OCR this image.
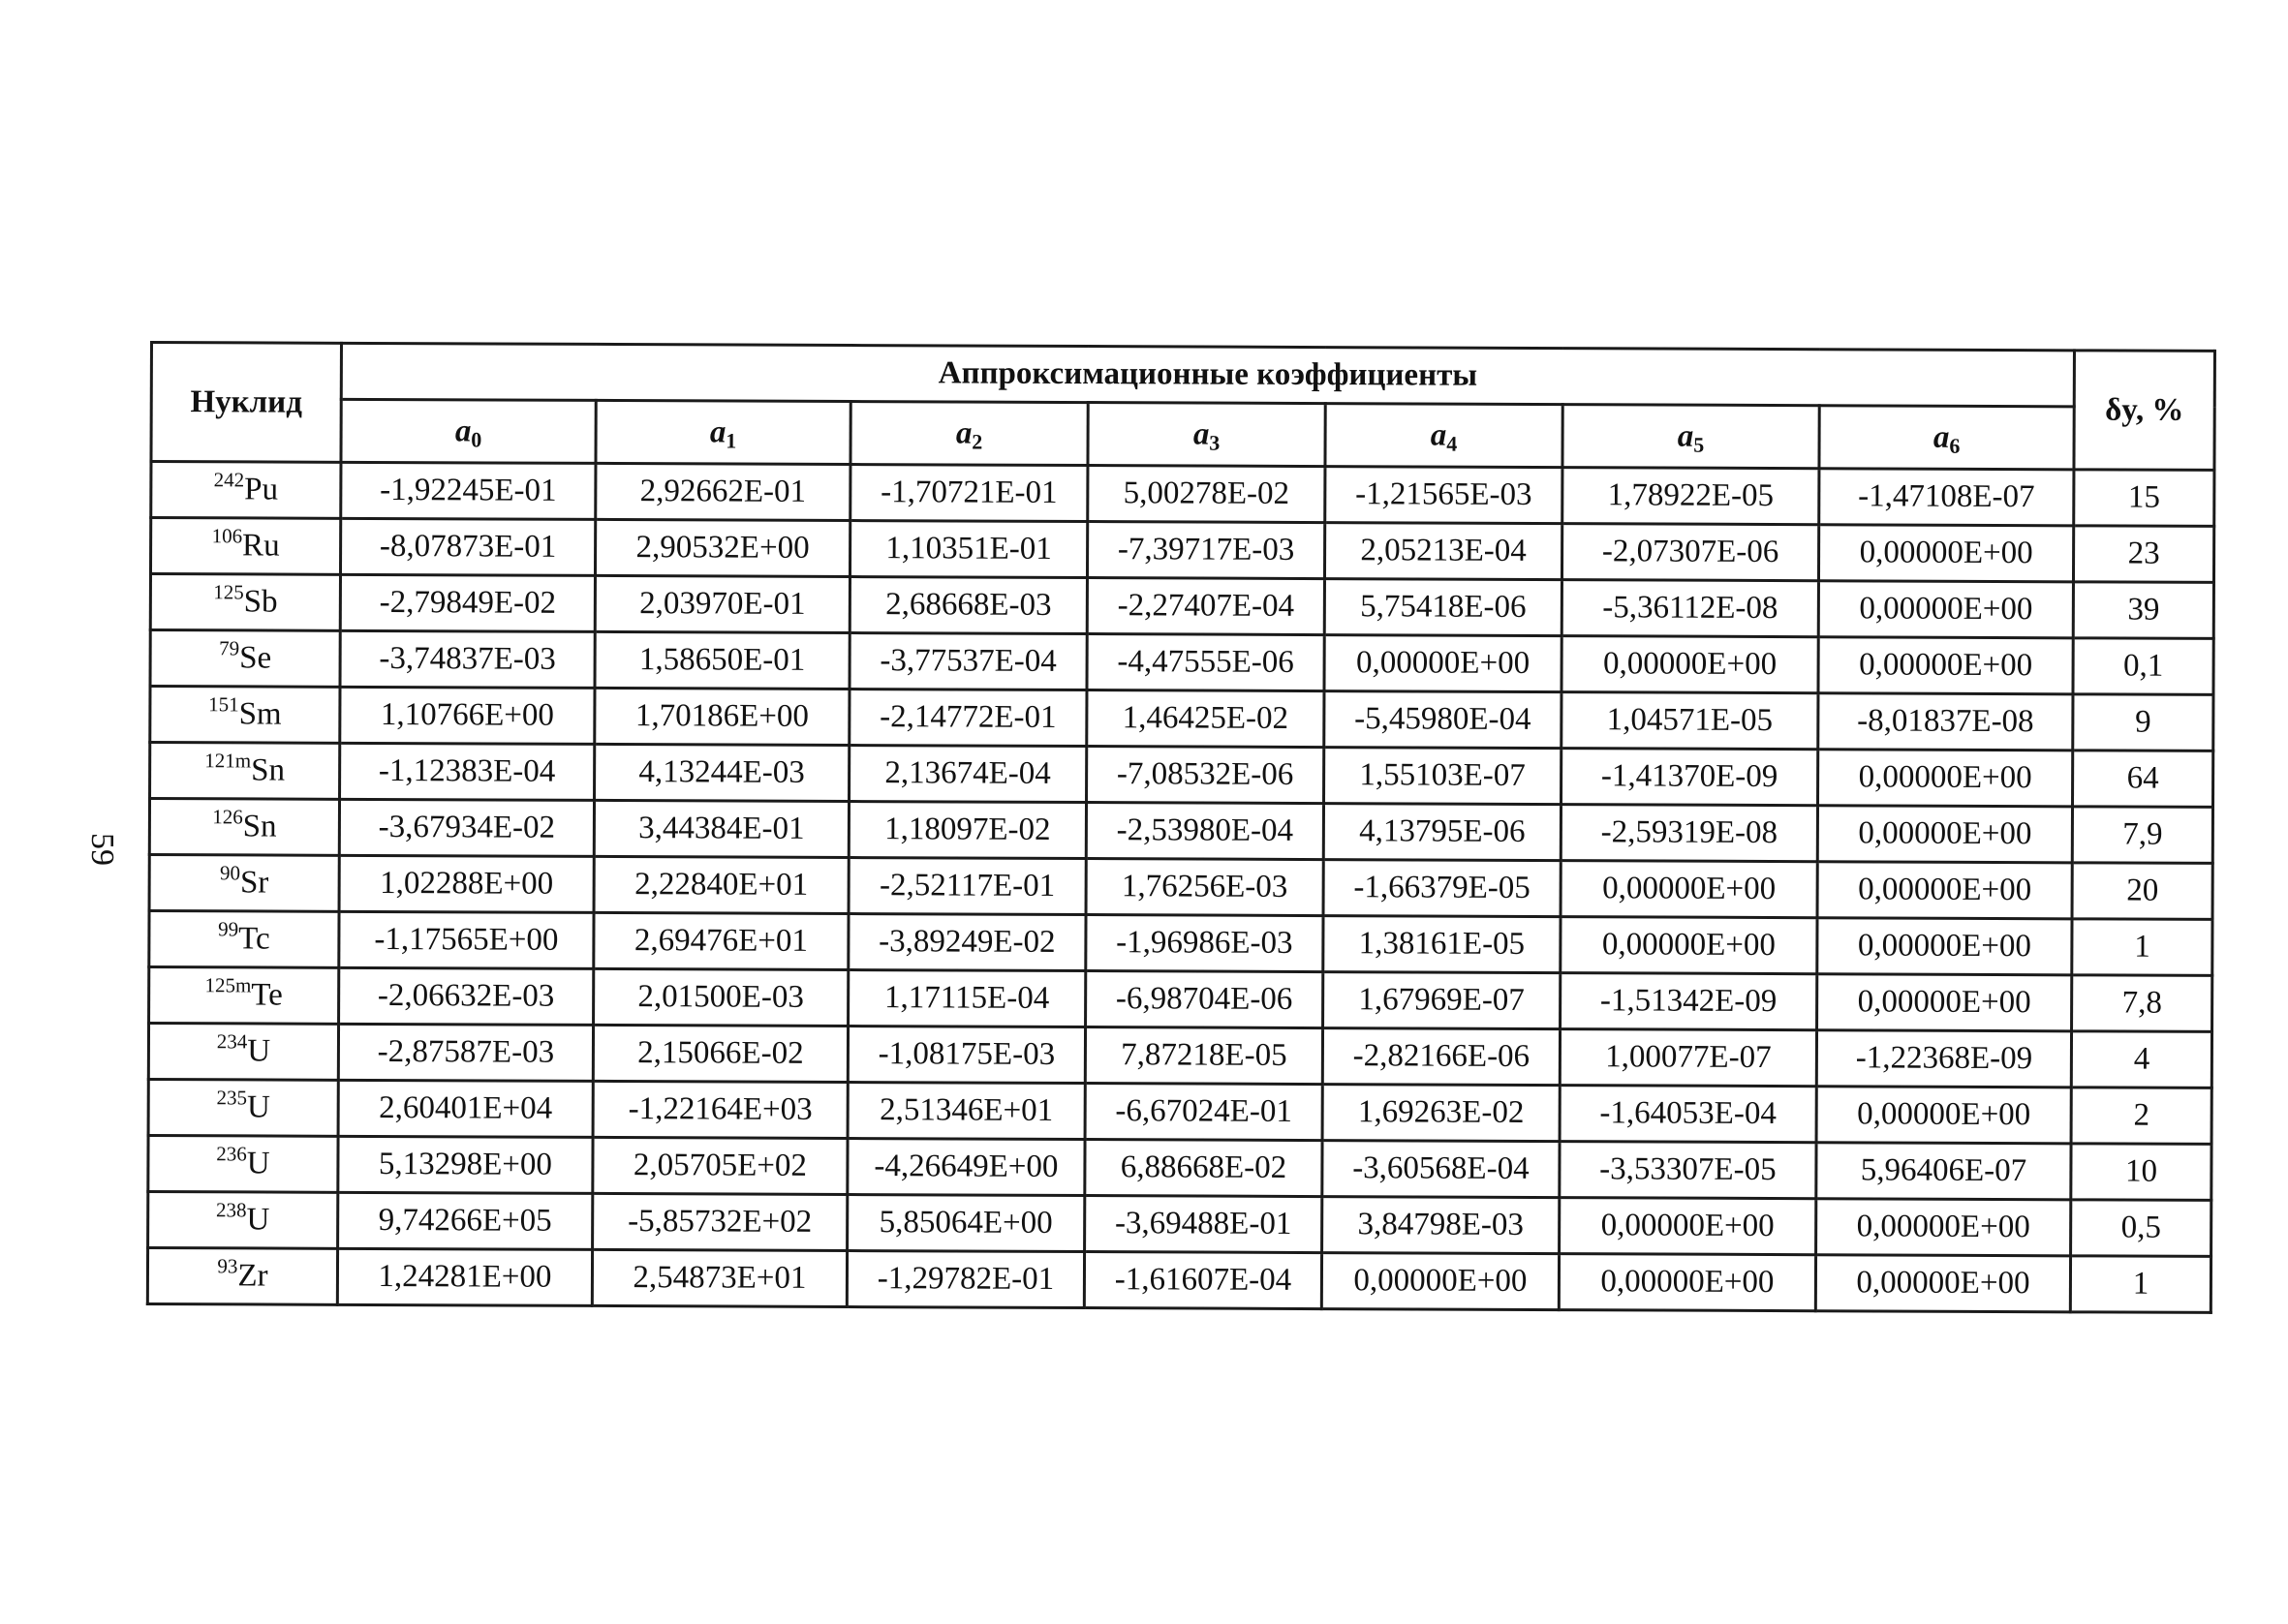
59
Нуклид	Аппроксимационные коэффициенты							δy, %
	$a_0$	$a_1$	$a_2$	$a_3$	$a_4$	$a_5$	$a_6$
$^{242}$Pu	-1,92245E-01	2,92662E-01	-1,70721E-01	5,00278E-02	-1,21565E-03	1,78922E-05	-1,47108E-07	15
$^{106}$Ru	-8,07873E-01	2,90532E+00	1,10351E-01	-7,39717E-03	2,05213E-04	-2,07307E-06	0,00000E+00	23
$^{125}$Sb	-2,79849E-02	2,03970E-01	2,68668E-03	-2,27407E-04	5,75418E-06	-5,36112E-08	0,00000E+00	39
$^{79}$Se	-3,74837E-03	1,58650E-01	-3,77537E-04	-4,47555E-06	0,00000E+00	0,00000E+00	0,00000E+00	0,1
$^{151}$Sm	1,10766E+00	1,70186E+00	-2,14772E-01	1,46425E-02	-5,45980E-04	1,04571E-05	-8,01837E-08	9
$^{121m}$Sn	-1,12383E-04	4,13244E-03	2,13674E-04	-7,08532E-06	1,55103E-07	-1,41370E-09	0,00000E+00	64
$^{126}$Sn	-3,67934E-02	3,44384E-01	1,18097E-02	-2,53980E-04	4,13795E-06	-2,59319E-08	0,00000E+00	7,9
$^{90}$Sr	1,02288E+00	2,22840E+01	-2,52117E-01	1,76256E-03	-1,66379E-05	0,00000E+00	0,00000E+00	20
$^{99}$Tc	-1,17565E+00	2,69476E+01	-3,89249E-02	-1,96986E-03	1,38161E-05	0,00000E+00	0,00000E+00	1
$^{125m}$Te	-2,06632E-03	2,01500E-03	1,17115E-04	-6,98704E-06	1,67969E-07	-1,51342E-09	0,00000E+00	7,8
$^{234}$U	-2,87587E-03	2,15066E-02	-1,08175E-03	7,87218E-05	-2,82166E-06	1,00077E-07	-1,22368E-09	4
$^{235}$U	2,60401E+04	-1,22164E+03	2,51346E+01	-6,67024E-01	1,69263E-02	-1,64053E-04	0,00000E+00	2
$^{236}$U	5,13298E+00	2,05705E+02	-4,26649E+00	6,88668E-02	-3,60568E-04	-3,53307E-05	5,96406E-07	10
$^{238}$U	9,74266E+05	-5,85732E+02	5,85064E+00	-3,69488E-01	3,84798E-03	0,00000E+00	0,00000E+00	0,5
$^{93}$Zr	1,24281E+00	2,54873E+01	-1,29782E-01	-1,61607E-04	0,00000E+00	0,00000E+00	0,00000E+00	1
